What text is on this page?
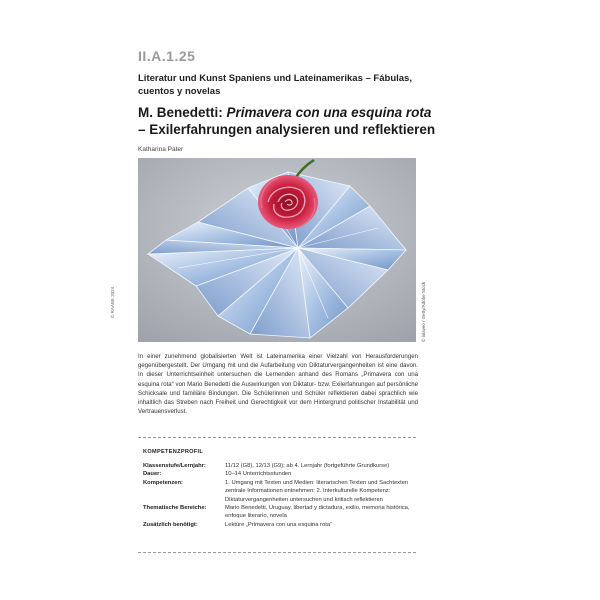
II.A.1.25
Literatur und Kunst Spaniens und Lateinamerikas – Fábulas, cuentos y novelas
M. Benedetti: Primavera con una esquina rota – Exilerfahrungen analysieren und reflektieren
Katharina Pater
© lalaveo / Getty/Adobe Stock
© RAABE 2024

In einer zunehmend globalisierten Welt ist Lateinamerika einer Vielzahl von Herausforderungen gegenübergestellt. Der Umgang mit und die Aufarbeitung von Diktaturvergangenheiten ist eine davon. In dieser Unterrichtseinheit untersuchen die Lernenden anhand des Romans „Primavera con una esquina rota“ von Mario Benedetti die Auswirkungen von Diktatur- bzw. Exilerfahrungen auf persönliche Schicksale und familiäre Bindungen. Die Schülerinnen und Schüler reflektieren dabei sprachlich wie inhaltlich das Streben nach Freiheit und Gerechtigkeit vor dem Hintergrund politischer Instabilität und Vertrauensverlust.

KOMPETENZPROFIL
Klassenstufe/Lernjahr:	11/12 (G8), 12/13 (G9); ab 4. Lernjahr (fortgeführte Grundkurse)
Dauer:	10–14 Unterrichtsstunden
Kompetenzen:	1. Umgang mit Texten und Medien: literarischen Texten und Sachtexten zentrale Informationen entnehmen; 2. Interkulturelle Kompetenz: Diktaturvergangenheiten untersuchen und kritisch reflektieren
Thematische Bereiche:	Mario Benedetti, Uruguay, libertad y dictadura, exilio, memoria histórica, enfoque literario, novela
Zusätzlich benötigt:	Lektüre „Primavera con una esquina rota“
